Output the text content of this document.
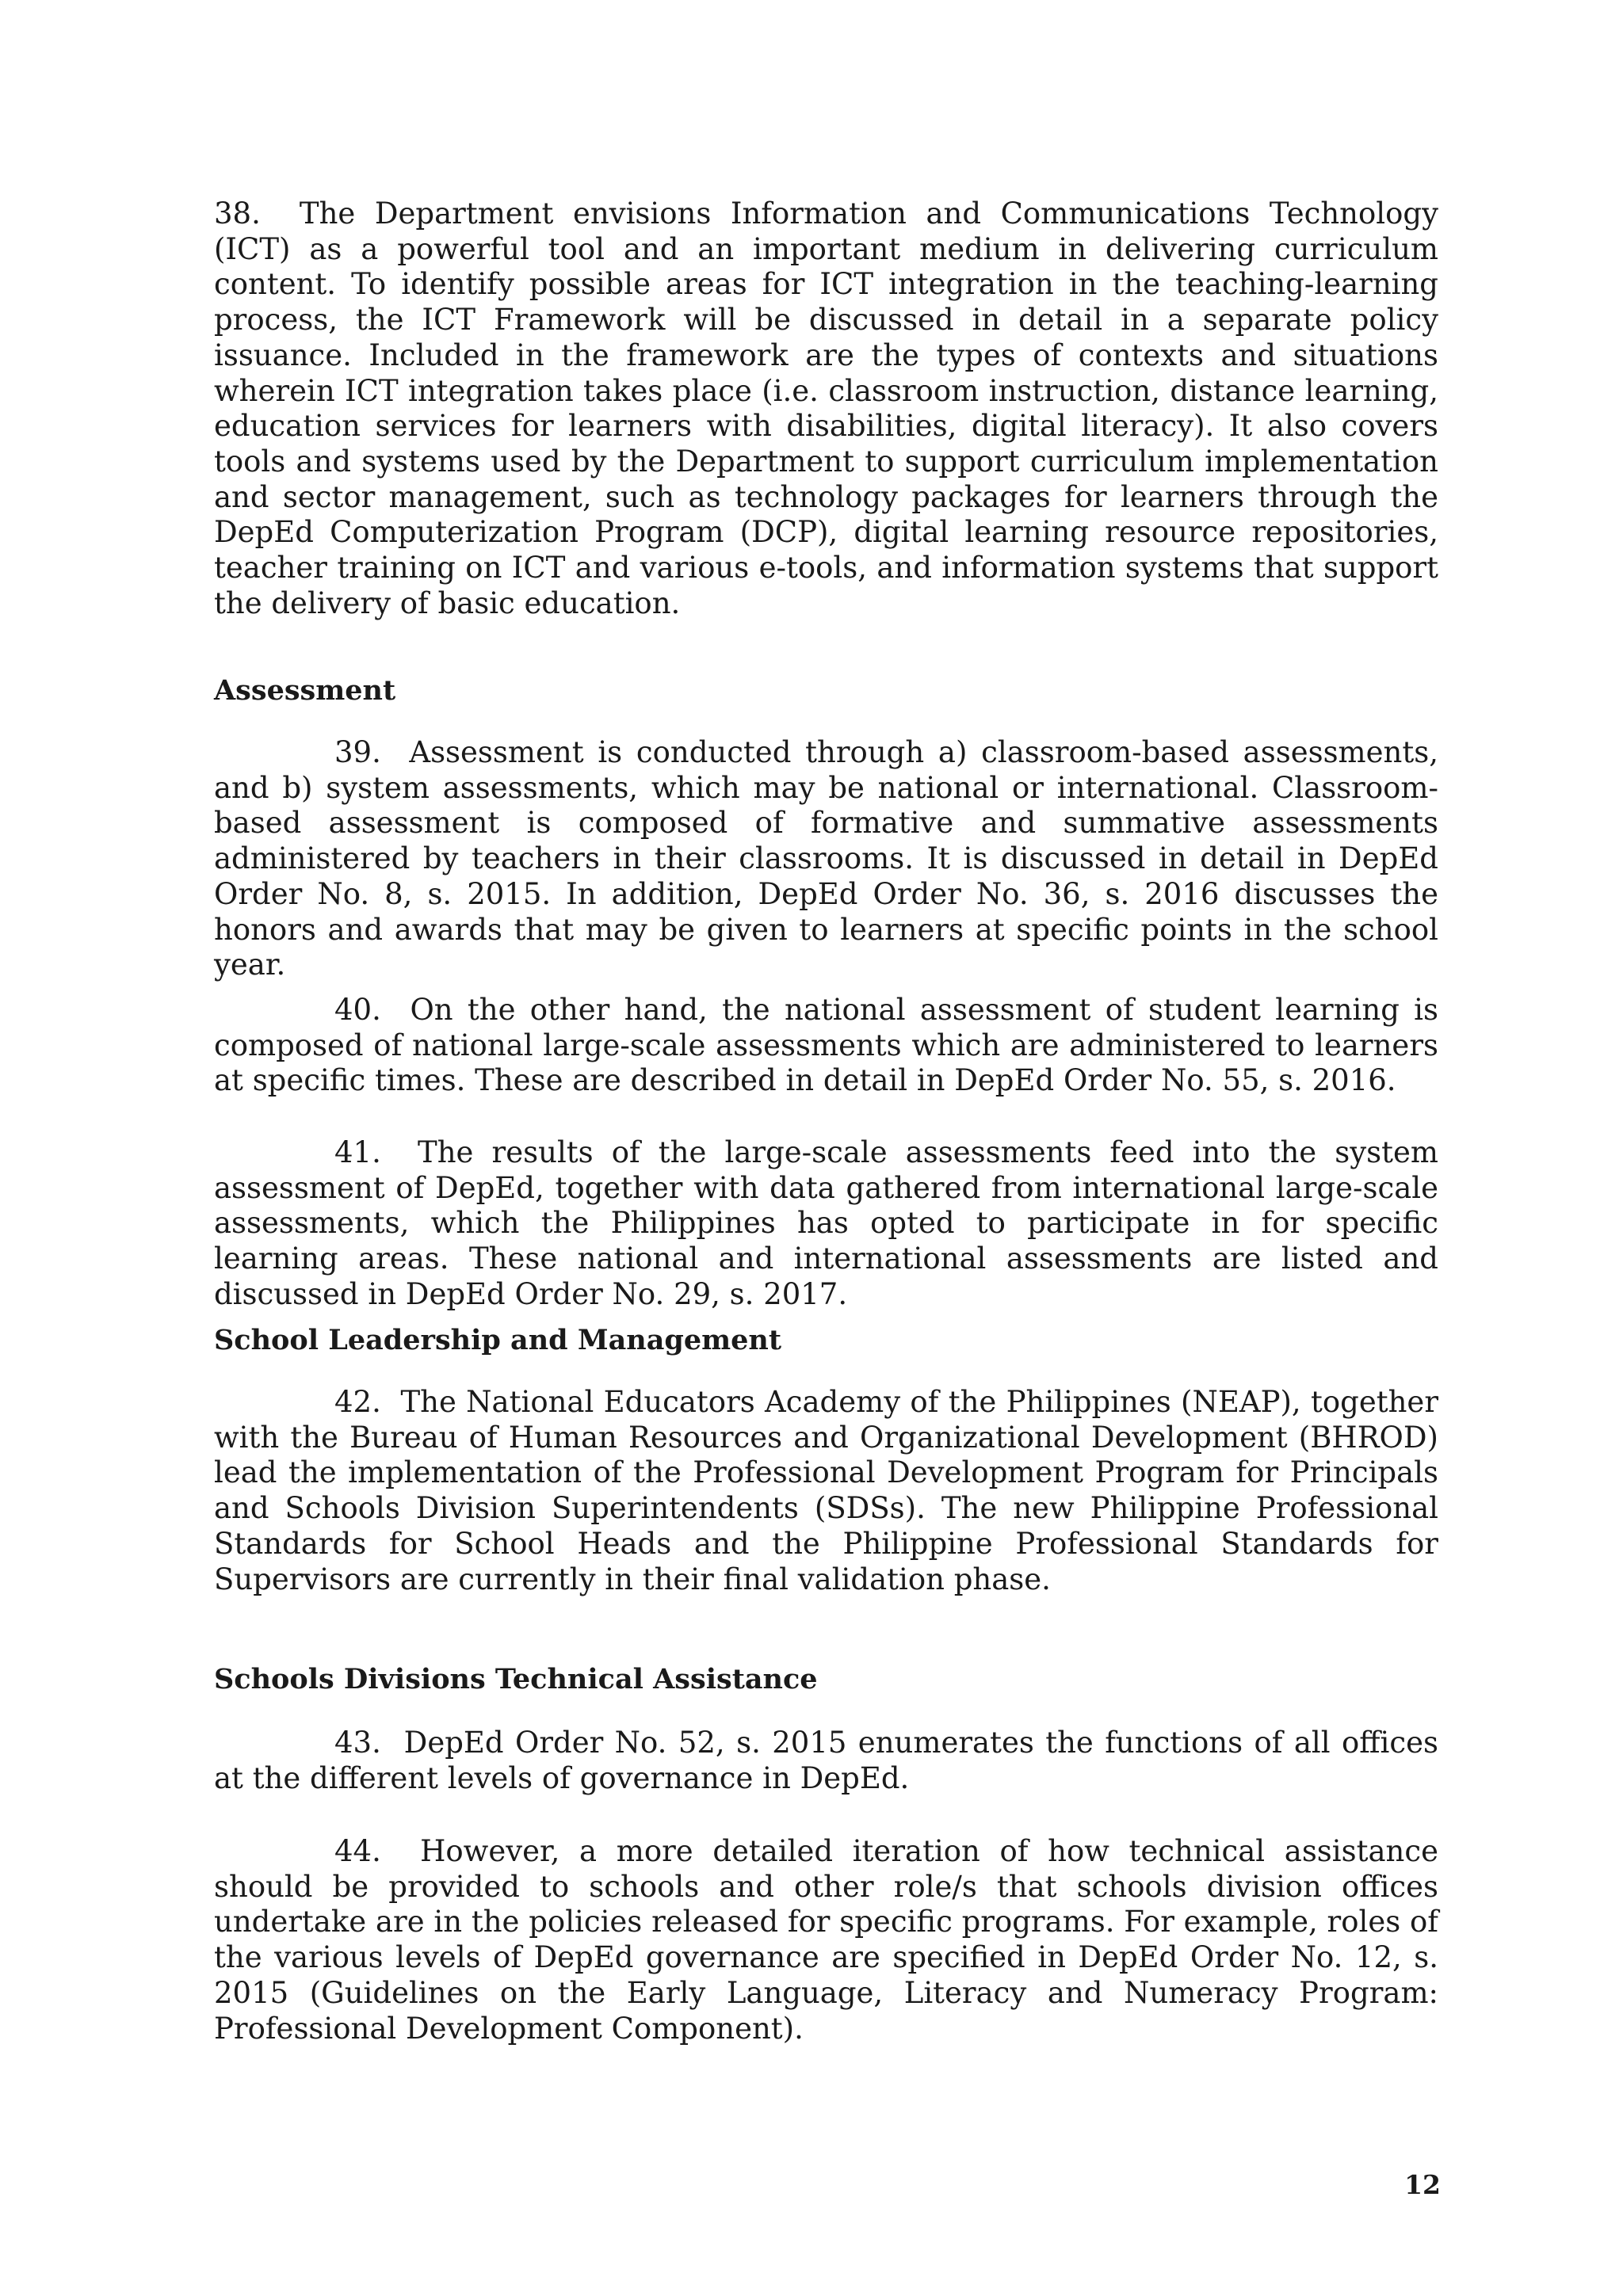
38. The Department envisions Information and Communications Technology (ICT) as a powerful tool and an important medium in delivering curriculum content. To identify possible areas for ICT integration in the teaching-learning process, the ICT Framework will be discussed in detail in a separate policy issuance. Included in the framework are the types of contexts and situations wherein ICT integration takes place (i.e. classroom instruction, distance learning, education services for learners with disabilities, digital literacy). It also covers tools and systems used by the Department to support curriculum implementation and sector management, such as technology packages for learners through the DepEd Computerization Program (DCP), digital learning resource repositories, teacher training on ICT and various e-tools, and information systems that support the delivery of basic education.

Assessment

39. Assessment is conducted through a) classroom-based assessments, and b) system assessments, which may be national or international. Classroom-based assessment is composed of formative and summative assessments administered by teachers in their classrooms. It is discussed in detail in DepEd Order No. 8, s. 2015. In addition, DepEd Order No. 36, s. 2016 discusses the honors and awards that may be given to learners at specific points in the school year.

40. On the other hand, the national assessment of student learning is composed of national large-scale assessments which are administered to learners at specific times. These are described in detail in DepEd Order No. 55, s. 2016.

41. The results of the large-scale assessments feed into the system assessment of DepEd, together with data gathered from international large-scale assessments, which the Philippines has opted to participate in for specific learning areas. These national and international assessments are listed and discussed in DepEd Order No. 29, s. 2017.

School Leadership and Management

42. The National Educators Academy of the Philippines (NEAP), together with the Bureau of Human Resources and Organizational Development (BHROD) lead the implementation of the Professional Development Program for Principals and Schools Division Superintendents (SDSs). The new Philippine Professional Standards for School Heads and the Philippine Professional Standards for Supervisors are currently in their final validation phase.

Schools Divisions Technical Assistance

43. DepEd Order No. 52, s. 2015 enumerates the functions of all offices at the different levels of governance in DepEd.

44. However, a more detailed iteration of how technical assistance should be provided to schools and other role/s that schools division offices undertake are in the policies released for specific programs. For example, roles of the various levels of DepEd governance are specified in DepEd Order No. 12, s. 2015 (Guidelines on the Early Language, Literacy and Numeracy Program: Professional Development Component).

12
